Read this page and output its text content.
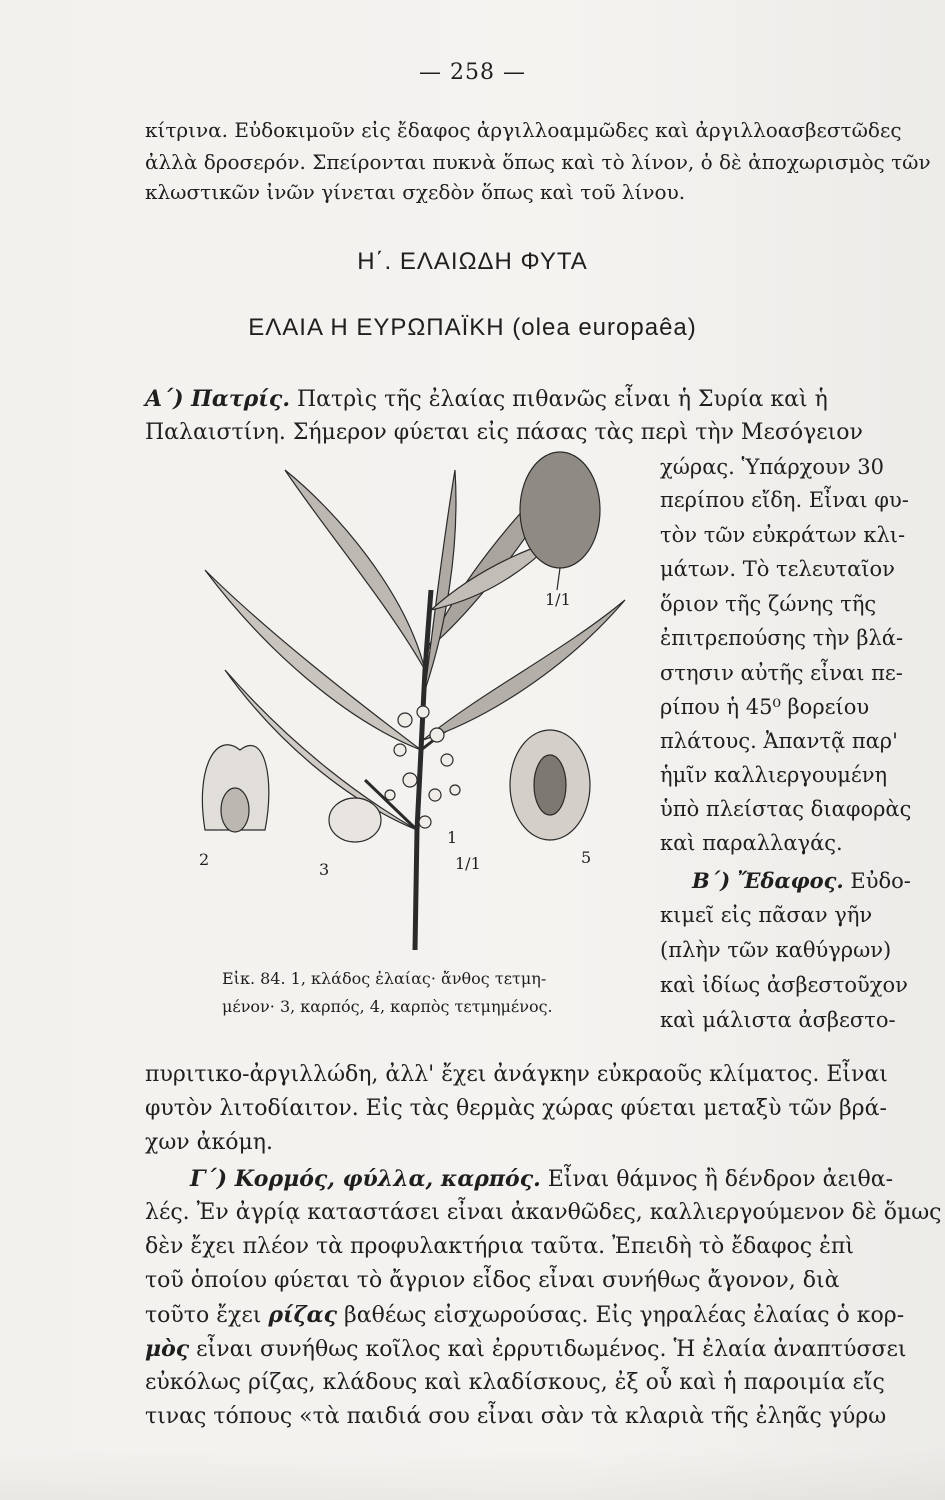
— 258 —
κίτρινα. Εὐδοκιμοῦν εἰς ἔδαφος ἀργιλλοαμμῶδες καὶ ἀργιλλοασβεστῶδες
ἀλλὰ δροσερόν. Σπείρονται πυκνὰ ὅπως καὶ τὸ λίνον, ὁ δὲ ἀποχωρισμὸς τῶν
κλωστικῶν ἰνῶν γίνεται σχεδὸν ὅπως καὶ τοῦ λίνου.
Η΄. ΕΛΑΙΩΔΗ ΦΥΤΑ
ΕΛΑΙΑ Η ΕΥΡΩΠΑΪΚΗ (olea europaêa)
Α΄) Πατρίς. Πατρὶς τῆς ἐλαίας πιθανῶς εἶναι ἡ Συρία καὶ ἡ
Παλαιστίνη. Σήμερον φύεται εἰς πάσας τὰς περὶ τὴν Μεσόγειον
χώρας. Ὑπάρχουν 30
περίπου εἴδη. Εἶναι φυ-
τὸν τῶν εὐκράτων κλι-
μάτων. Τὸ τελευταῖον
ὅριον τῆς ζώνης τῆς
ἐπιτρεπούσης τὴν βλά-
στησιν αὐτῆς εἶναι πε-
ρίπου ἡ 45⁰ βορείου
πλάτους. Ἀπαντᾷ παρ'
ἡμῖν καλλιεργουμένη
ὑπὸ πλείστας διαφορὰς
καὶ παραλλαγάς.
Β΄) Ἔδαφος. Εὐδο-
κιμεῖ εἰς πᾶσαν γῆν
(πλὴν τῶν καθύγρων)
καὶ ἰδίως ἀσβεστοῦχον
καὶ μάλιστα ἀσβεστο-
2
3
1
1/1	5
1/1
Εἰκ. 84. 1, κλάδος ἐλαίας· ἄνθος τετμη-
μένον· 3, καρπός, 4, καρπὸς τετμημένος.
πυριτικο-ἀργιλλώδη, ἀλλ' ἔχει ἀνάγκην εὐκραοῦς κλίματος. Εἶναι
φυτὸν λιτοδίαιτον. Εἰς τὰς θερμὰς χώρας φύεται μεταξὺ τῶν βρά-
χων ἀκόμη.
Γ΄) Κορμός, φύλλα, καρπός. Εἶναι θάμνος ἢ δένδρον ἀειθα-
λές. Ἐν ἀγρίᾳ καταστάσει εἶναι ἀκανθῶδες, καλλιεργούμενον δὲ ὅμως
δὲν ἔχει πλέον τὰ προφυλακτήρια ταῦτα. Ἐπειδὴ τὸ ἔδαφος ἐπὶ
τοῦ ὁποίου φύεται τὸ ἄγριον εἶδος εἶναι συνήθως ἄγονον, διὰ
τοῦτο ἔχει ρίζας βαθέως εἰσχωρούσας. Εἰς γηραλέας ἐλαίας ὁ κορ-
μὸς εἶναι συνήθως κοῖλος καὶ ἐρρυτιδωμένος. Ἡ ἐλαία ἀναπτύσσει
εὐκόλως ρίζας, κλάδους καὶ κλαδίσκους, ἐξ οὗ καὶ ἡ παροιμία εἴς
τινας τόπους «τὰ παιδιά σου εἶναι σὰν τὰ κλαριὰ τῆς ἐληᾶς γύρω
